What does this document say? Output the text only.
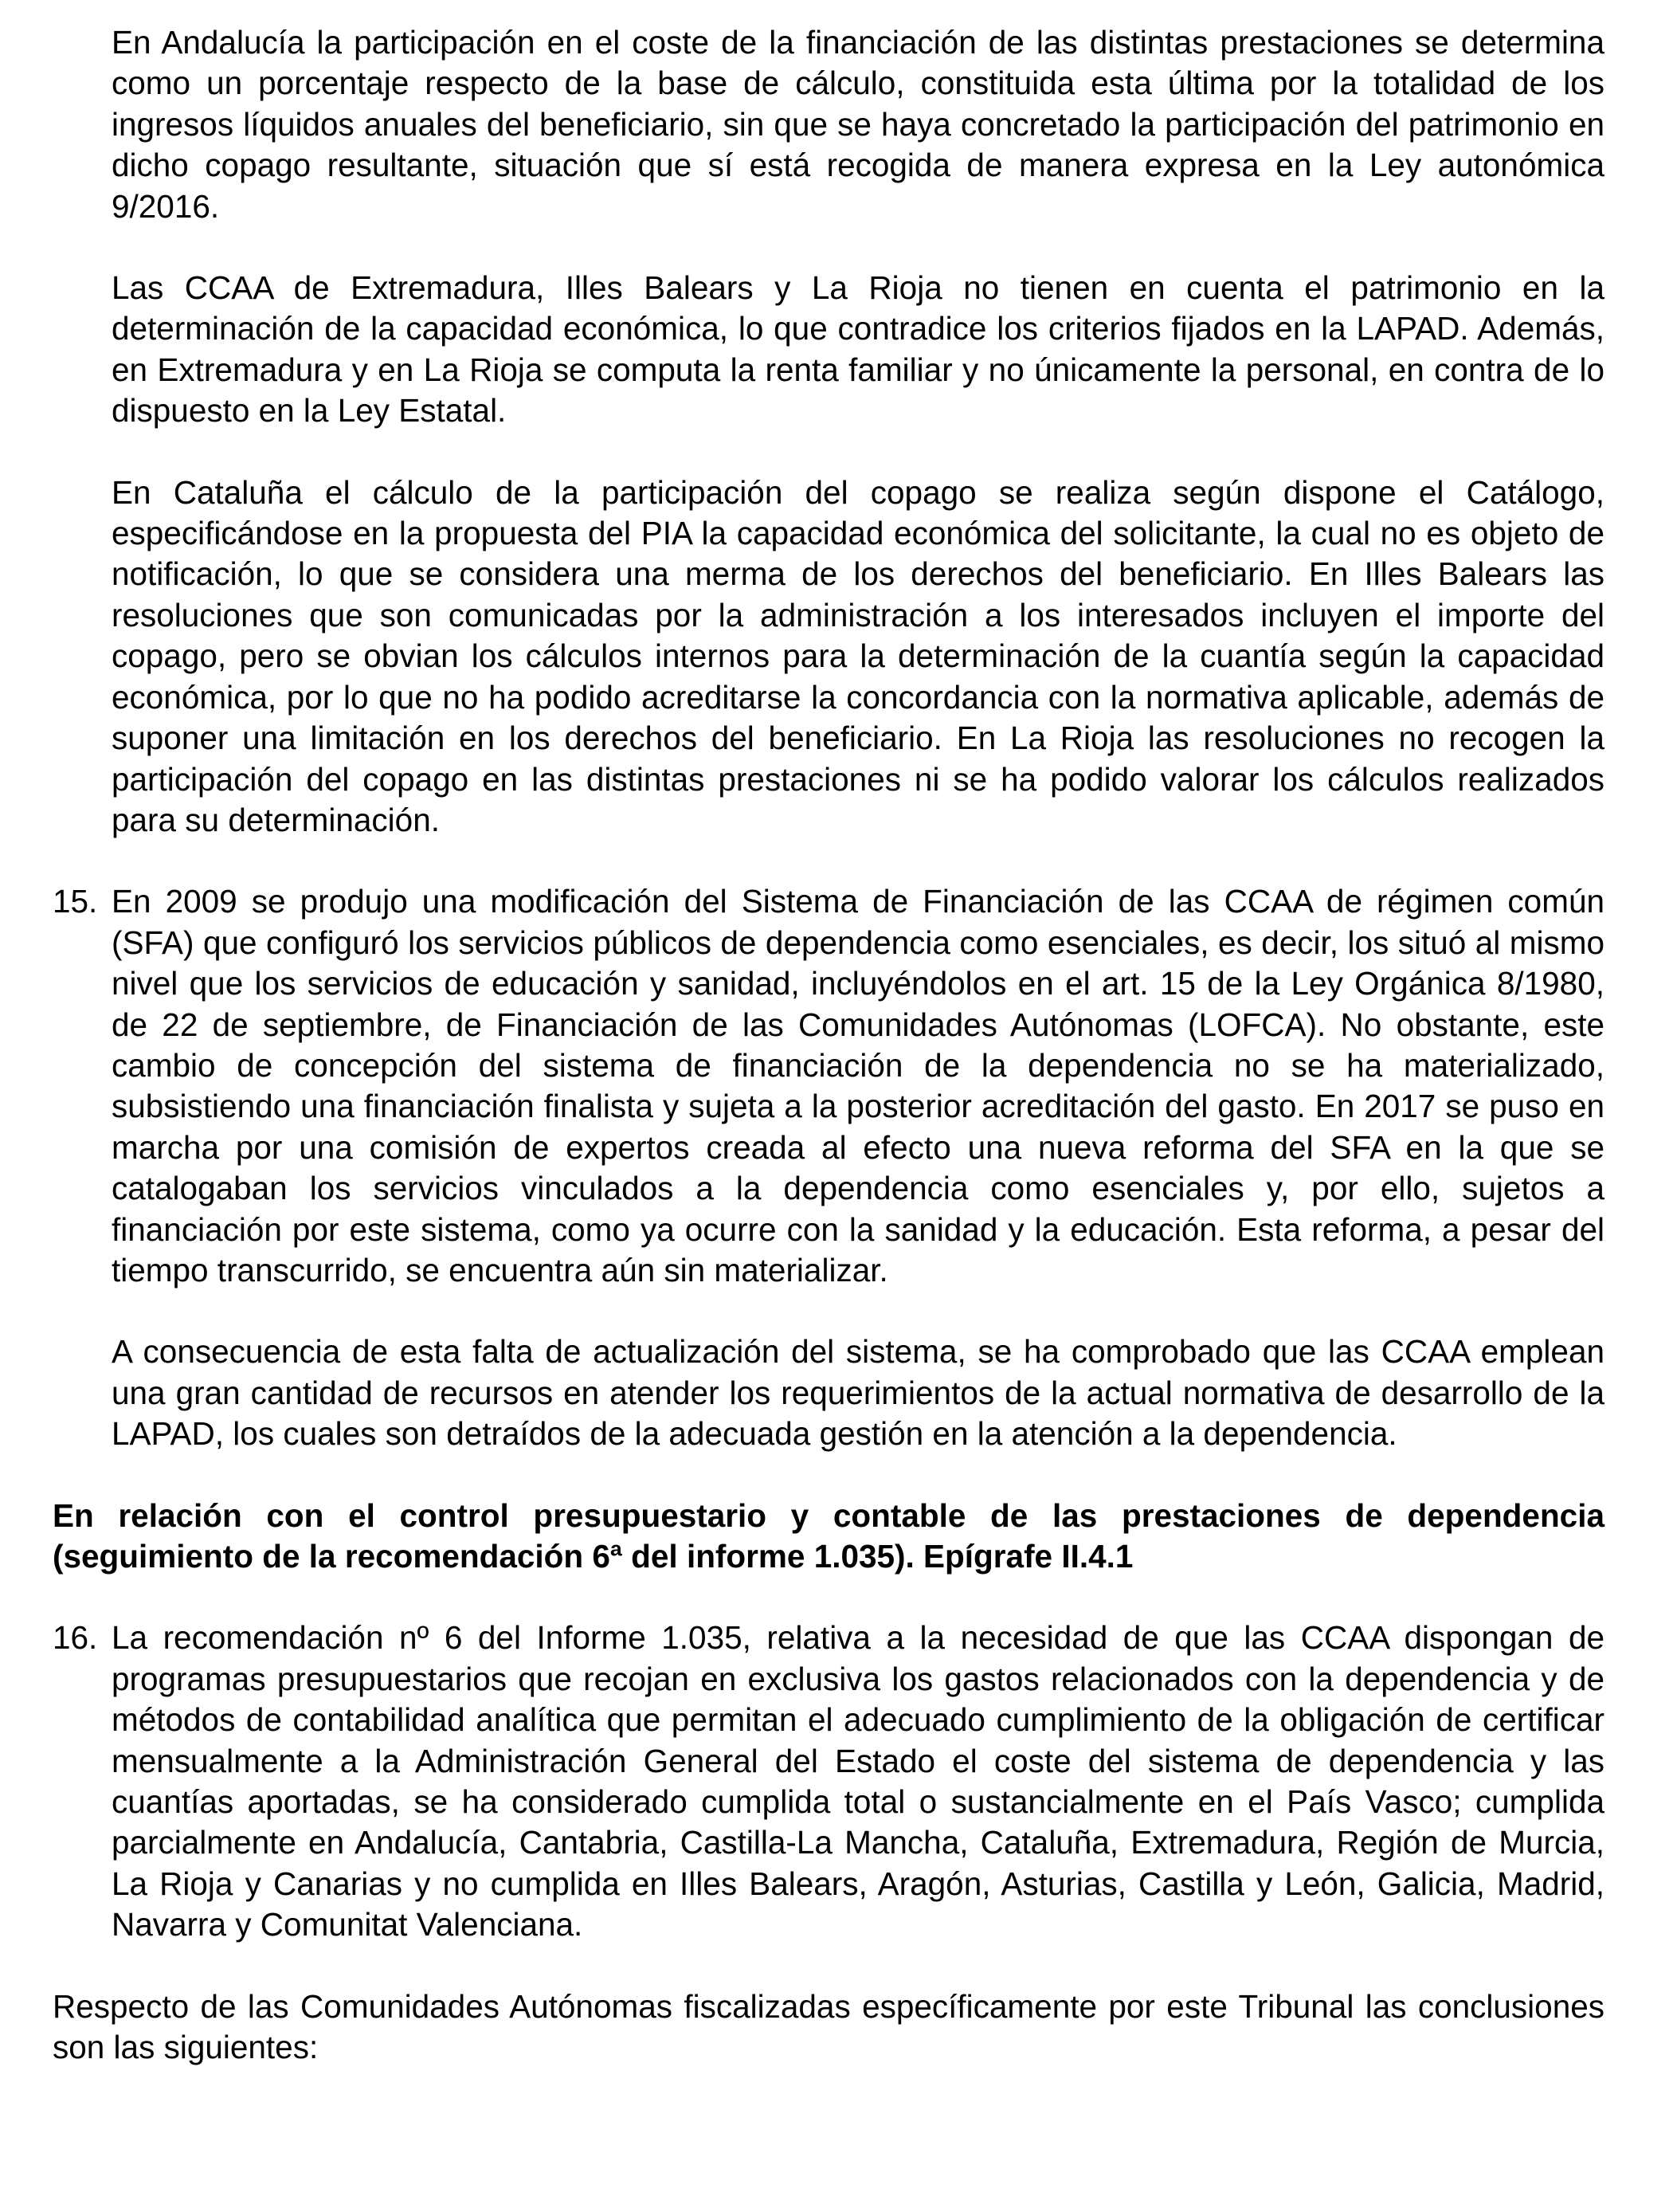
En Andalucía la participación en el coste de la financiación de las distintas prestaciones se determina como un porcentaje respecto de la base de cálculo, constituida esta última por la totalidad de los ingresos líquidos anuales del beneficiario, sin que se haya concretado la participación del patrimonio en dicho copago resultante, situación que sí está recogida de manera expresa en la Ley autonómica 9/2016.

Las CCAA de Extremadura, Illes Balears y La Rioja no tienen en cuenta el patrimonio en la determinación de la capacidad económica, lo que contradice los criterios fijados en la LAPAD. Además, en Extremadura y en La Rioja se computa la renta familiar y no únicamente la personal, en contra de lo dispuesto en la Ley Estatal.

En Cataluña el cálculo de la participación del copago se realiza según dispone el Catálogo, especificándose en la propuesta del PIA la capacidad económica del solicitante, la cual no es objeto de notificación, lo que se considera una merma de los derechos del beneficiario. En Illes Balears las resoluciones que son comunicadas por la administración a los interesados incluyen el importe del copago, pero se obvian los cálculos internos para la determinación de la cuantía según la capacidad económica, por lo que no ha podido acreditarse la concordancia con la normativa aplicable, además de suponer una limitación en los derechos del beneficiario. En La Rioja las resoluciones no recogen la participación del copago en las distintas prestaciones ni se ha podido valorar los cálculos realizados para su determinación.

15. En 2009 se produjo una modificación del Sistema de Financiación de las CCAA de régimen común (SFA) que configuró los servicios públicos de dependencia como esenciales, es decir, los situó al mismo nivel que los servicios de educación y sanidad, incluyéndolos en el art. 15 de la Ley Orgánica 8/1980, de 22 de septiembre, de Financiación de las Comunidades Autónomas (LOFCA). No obstante, este cambio de concepción del sistema de financiación de la dependencia no se ha materializado, subsistiendo una financiación finalista y sujeta a la posterior acreditación del gasto. En 2017 se puso en marcha por una comisión de expertos creada al efecto una nueva reforma del SFA en la que se catalogaban los servicios vinculados a la dependencia como esenciales y, por ello, sujetos a financiación por este sistema, como ya ocurre con la sanidad y la educación. Esta reforma, a pesar del tiempo transcurrido, se encuentra aún sin materializar.

A consecuencia de esta falta de actualización del sistema, se ha comprobado que las CCAA emplean una gran cantidad de recursos en atender los requerimientos de la actual normativa de desarrollo de la LAPAD, los cuales son detraídos de la adecuada gestión en la atención a la dependencia.

En relación con el control presupuestario y contable de las prestaciones de dependencia (seguimiento de la recomendación 6ª del informe 1.035). Epígrafe II.4.1

16. La recomendación nº 6 del Informe 1.035, relativa a la necesidad de que las CCAA dispongan de programas presupuestarios que recojan en exclusiva los gastos relacionados con la dependencia y de métodos de contabilidad analítica que permitan el adecuado cumplimiento de la obligación de certificar mensualmente a la Administración General del Estado el coste del sistema de dependencia y las cuantías aportadas, se ha considerado cumplida total o sustancialmente en el País Vasco; cumplida parcialmente en Andalucía, Cantabria, Castilla-La Mancha, Cataluña, Extremadura, Región de Murcia, La Rioja y Canarias y no cumplida en Illes Balears, Aragón, Asturias, Castilla y León, Galicia, Madrid, Navarra y Comunitat Valenciana.

Respecto de las Comunidades Autónomas fiscalizadas específicamente por este Tribunal las conclusiones son las siguientes:
